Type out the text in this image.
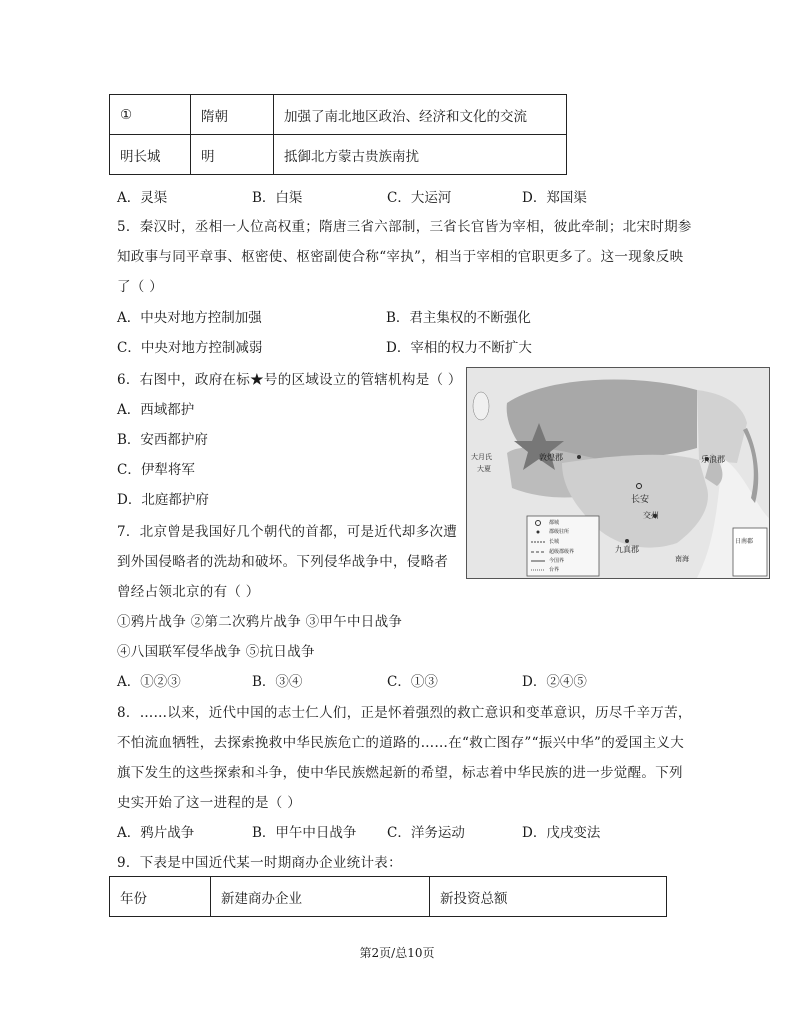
①	隋朝	加强了南北地区政治、经济和文化的交流
明长城	明	抵御北方蒙古贵族南扰
A．灵渠	B．白渠	C．大运河	D．郑国渠
5．秦汉时，丞相一人位高权重；隋唐三省六部制，三省长官皆为宰相，彼此牵制；北宋时期参
知政事与同平章事、枢密使、枢密副使合称“宰执”，相当于宰相的官职更多了。这一现象反映
了（ ）
A．中央对地方控制加强	B．君主集权的不断强化
C．中央对地方控制减弱	D．宰相的权力不断扩大
6．右图中，政府在标★号的区域设立的管辖机构是（ ）
A．西域都护
B．安西都护府
C．伊犁将军
D．北庭都护府
敦煌郡	乐浪郡
长安
大月氏
大夏
交州
九真郡
日南郡
南海
都城
郡级驻所
长城
超级郡级界
今国界
台界
7．北京曾是我国好几个朝代的首都，可是近代却多次遭
到外国侵略者的洗劫和破坏。下列侵华战争中，侵略者
曾经占领北京的有（ ）
①鸦片战争 ②第二次鸦片战争 ③甲午中日战争
④八国联军侵华战争 ⑤抗日战争
A．①②③	B．③④	C．①③	D．②④⑤
8．……以来，近代中国的志士仁人们，正是怀着强烈的救亡意识和变革意识，历尽千辛万苦，
不怕流血牺牲，去探索挽救中华民族危亡的道路的……在“救亡图存”“振兴中华”的爱国主义大
旗下发生的这些探索和斗争，使中华民族燃起新的希望，标志着中华民族的进一步觉醒。下列
史实开始了这一进程的是（ ）
A．鸦片战争	B．甲午中日战争 C．洋务运动	D．戊戌变法
9．下表是中国近代某一时期商办企业统计表：
年份	新建商办企业	新投资总额
第2页/总10页
